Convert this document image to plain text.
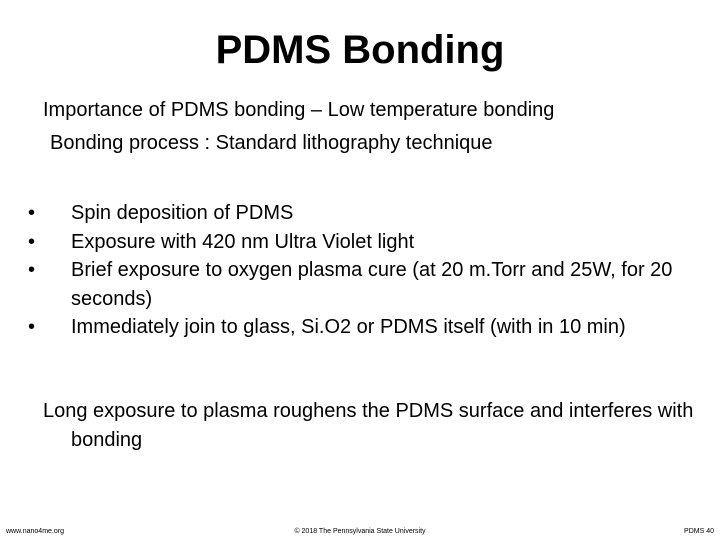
PDMS Bonding
Importance of PDMS bonding – Low temperature bonding
Bonding process : Standard lithography technique
• Spin deposition of PDMS
• Exposure with 420 nm Ultra Violet light
• Brief exposure to oxygen plasma cure (at 20 m.Torr and 25W, for 20 seconds)
• Immediately join to glass, Si.O2 or PDMS itself (with in 10 min)
Long exposure to plasma roughens the PDMS surface and interferes with bonding
www.nano4me.org	© 2018 The Pennsylvania State University	PDMS 40
